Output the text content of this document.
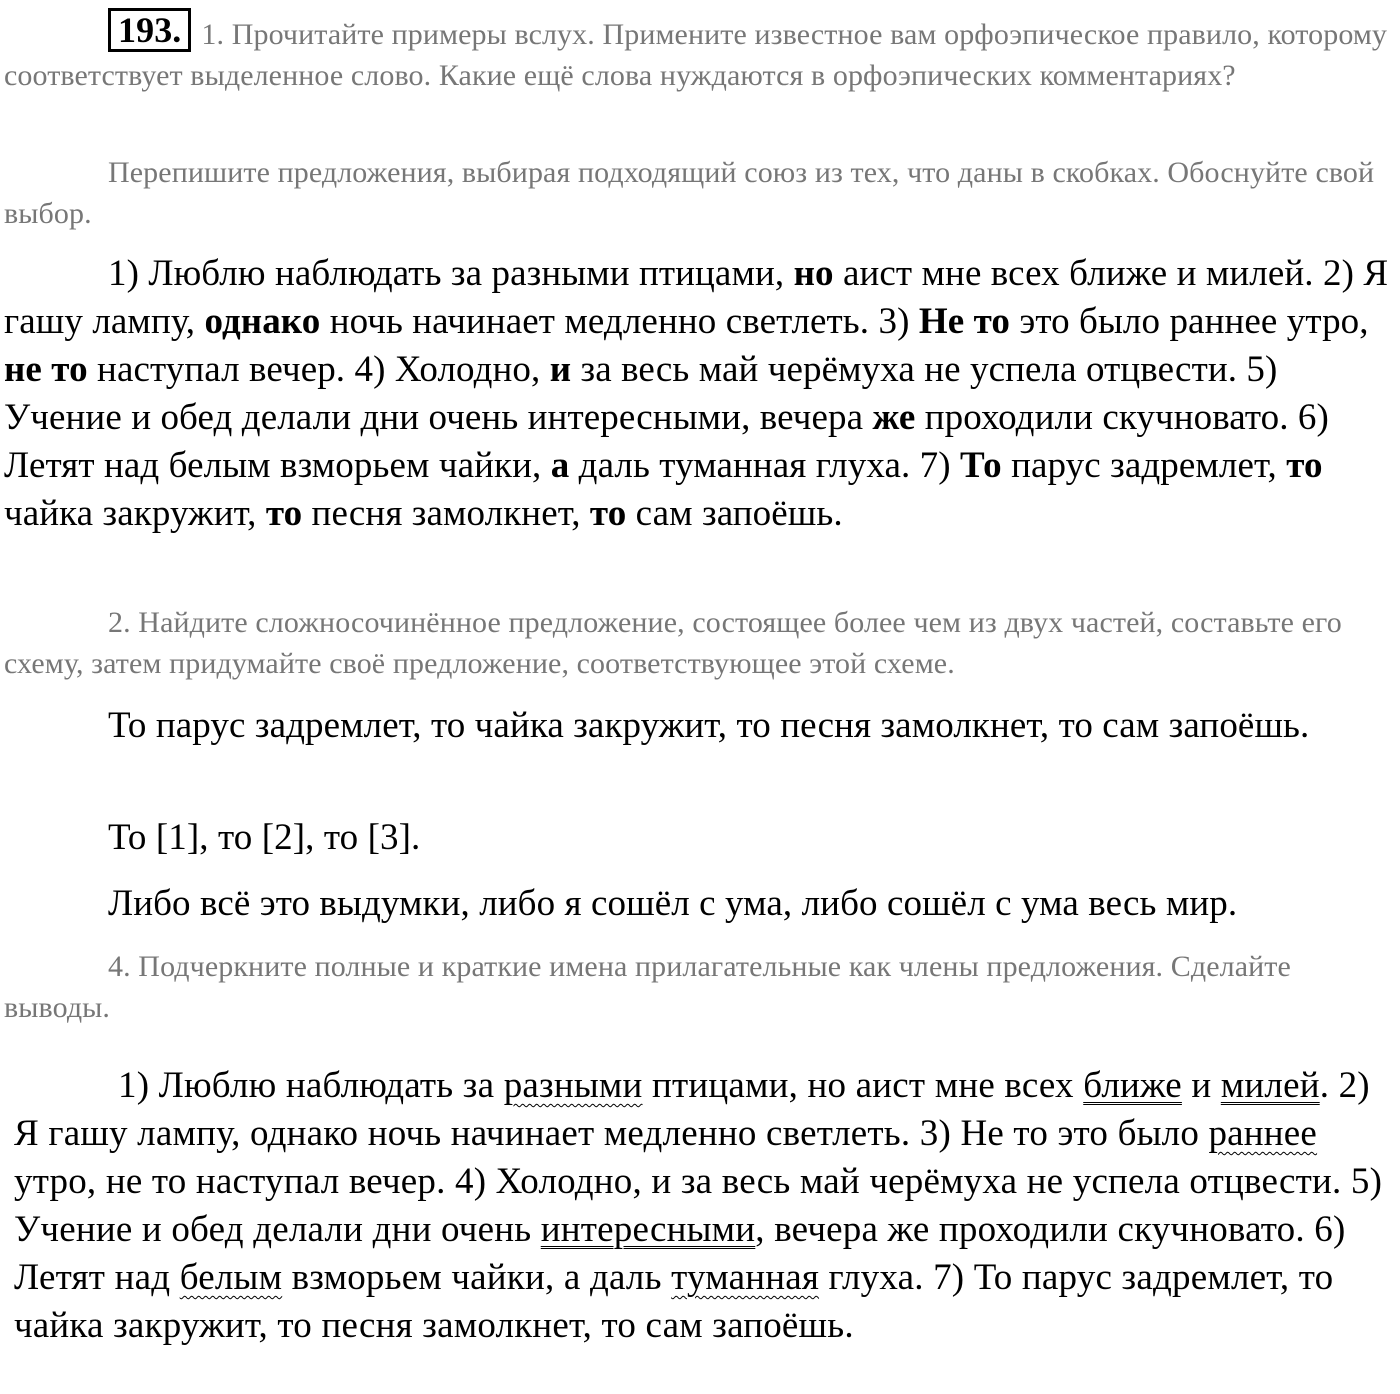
193. 1. Прочитайте примеры вслух. Примените известное вам орфоэпическое правило, которому соответствует выделенное слово. Какие ещё слова нуждаются в орфоэпических комментариях?

Перепишите предложения, выбирая подходящий союз из тех, что даны в скобках. Обоснуйте свой выбор.

1) Люблю наблюдать за разными птицами, но аист мне всех ближе и милей. 2) Я гашу лампу, однако ночь начинает медленно светлеть. 3) Не то это было раннее утро, не то наступал вечер. 4) Холодно, и за весь май черёмуха не успела отцвести. 5) Учение и обед делали дни очень интересными, вечера же проходили скучновато. 6) Летят над белым взморьем чайки, а даль туманная глуха. 7) То парус задремлет, то чайка закружит, то песня замолкнет, то сам запоёшь.

2. Найдите сложносочинённое предложение, состоящее более чем из двух частей, составьте его схему, затем придумайте своё предложение, соответствующее этой схеме.

То парус задремлет, то чайка закружит, то песня замолкнет, то сам запоёшь.

То [1], то [2], то [3].

Либо всё это выдумки, либо я сошёл с ума, либо сошёл с ума весь мир.

4. Подчеркните полные и краткие имена прилагательные как члены предложения. Сделайте выводы.

1) Люблю наблюдать за разными птицами, но аист мне всех ближе и милей. 2) Я гашу лампу, однако ночь начинает медленно светлеть. 3) Не то это было раннее утро, не то наступал вечер. 4) Холодно, и за весь май черёмуха не успела отцвести. 5) Учение и обед делали дни очень интересными, вечера же проходили скучновато. 6) Летят над белым взморьем чайки, а даль туманная глуха. 7) То парус задремлет, то чайка закружит, то песня замолкнет, то сам запоёшь.
